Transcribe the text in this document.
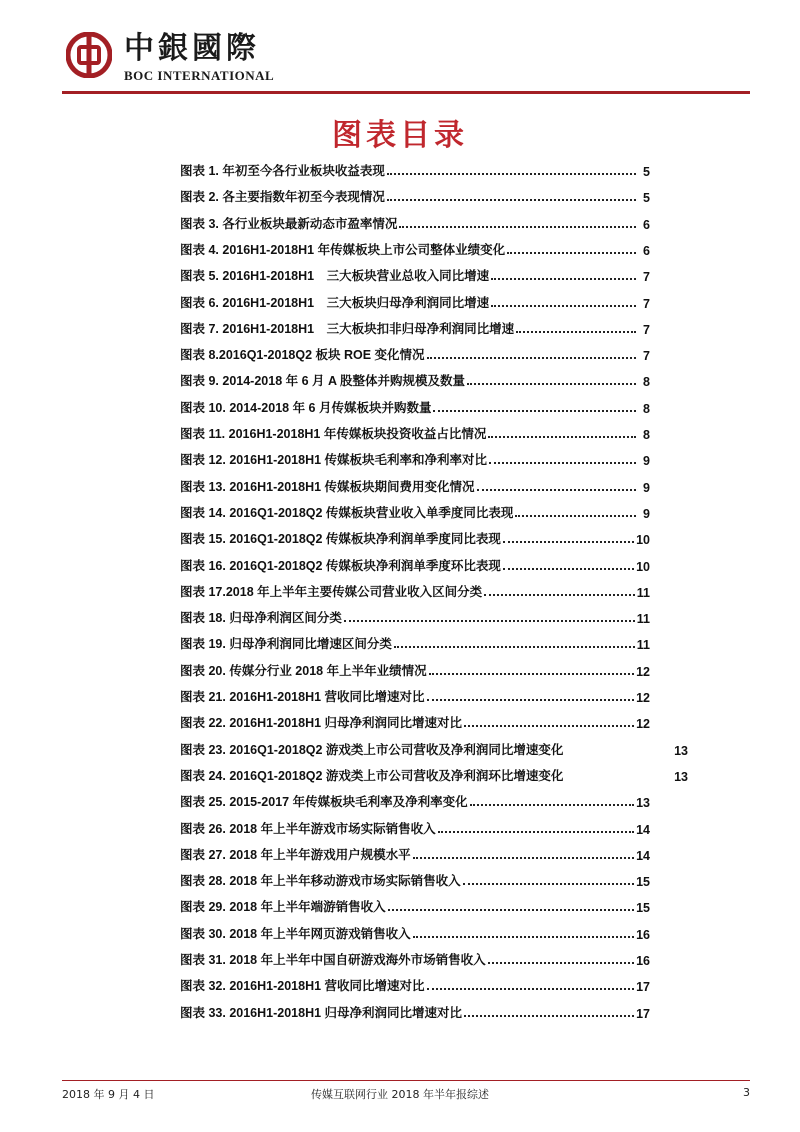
中銀國際
BOC INTERNATIONAL
图表目录
图表 1. 年初至今各行业板块收益表现	5
图表 2. 各主要指数年初至今表现情况	5
图表 3. 各行业板块最新动态市盈率情况	6
图表 4. 2016H1-2018H1 年传媒板块上市公司整体业绩变化	6
图表 5. 2016H1-2018H1　三大板块营业总收入同比增速	7
图表 6. 2016H1-2018H1　三大板块归母净利润同比增速	7
图表 7. 2016H1-2018H1　三大板块扣非归母净利润同比增速	7
图表 8.2016Q1-2018Q2 板块 ROE 变化情况	7
图表 9. 2014-2018 年 6 月 A 股整体并购规模及数量	8
图表 10. 2014-2018 年 6 月传媒板块并购数量	8
图表 11. 2016H1-2018H1 年传媒板块投资收益占比情况	8
图表 12. 2016H1-2018H1 传媒板块毛利率和净利率对比	9
图表 13. 2016H1-2018H1 传媒板块期间费用变化情况	9
图表 14. 2016Q1-2018Q2 传媒板块营业收入单季度同比表现	9
图表 15. 2016Q1-2018Q2 传媒板块净利润单季度同比表现	10
图表 16. 2016Q1-2018Q2 传媒板块净利润单季度环比表现	10
图表 17.2018 年上半年主要传媒公司营业收入区间分类	11
图表 18. 归母净利润区间分类	11
图表 19. 归母净利润同比增速区间分类	11
图表 20. 传媒分行业 2018 年上半年业绩情况	12
图表 21. 2016H1-2018H1 营收同比增速对比	12
图表 22. 2016H1-2018H1 归母净利润同比增速对比	12
图表 23. 2016Q1-2018Q2 游戏类上市公司营收及净利润同比增速变化	13
图表 24. 2016Q1-2018Q2 游戏类上市公司营收及净利润环比增速变化	13
图表 25. 2015-2017 年传媒板块毛利率及净利率变化	13
图表 26. 2018 年上半年游戏市场实际销售收入	14
图表 27. 2018 年上半年游戏用户规模水平	14
图表 28. 2018 年上半年移动游戏市场实际销售收入	15
图表 29. 2018 年上半年端游销售收入	15
图表 30. 2018 年上半年网页游戏销售收入	16
图表 31. 2018 年上半年中国自研游戏海外市场销售收入	16
图表 32. 2016H1-2018H1 营收同比增速对比	17
图表 33. 2016H1-2018H1 归母净利润同比增速对比	17
2018 年 9 月 4 日	传媒互联网行业 2018 年半年报综述	3
